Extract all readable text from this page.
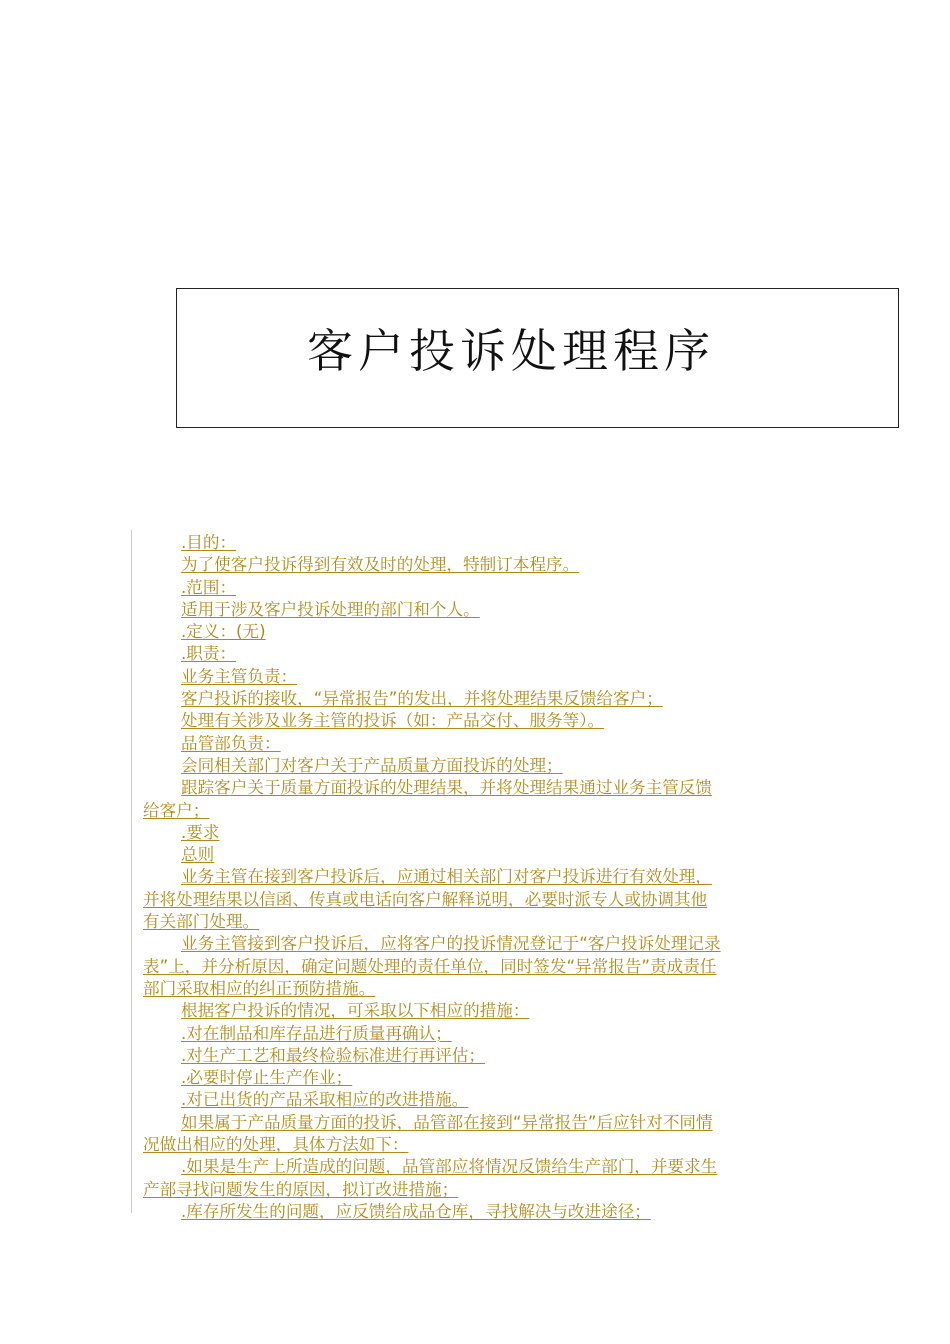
客户投诉处理程序

.目的：

为了使客户投诉得到有效及时的处理，特制订本程序。

.范围：

适用于涉及客户投诉处理的部门和个人。

.定义：(无)

.职责：

业务主管负责：

客户投诉的接收，“异常报告”的发出，并将处理结果反馈给客户；

处理有关涉及业务主管的投诉（如：产品交付、服务等）。

品管部负责：

会同相关部门对客户关于产品质量方面投诉的处理；

跟踪客户关于质量方面投诉的处理结果，并将处理结果通过业务主管反馈

给客户；

.要求

总则

业务主管在接到客户投诉后，应通过相关部门对客户投诉进行有效处理，

并将处理结果以信函、传真或电话向客户解释说明，必要时派专人或协调其他

有关部门处理。

业务主管接到客户投诉后，应将客户的投诉情况登记于“客户投诉处理记录

表”上，并分析原因，确定问题处理的责任单位，同时签发“异常报告”责成责任

部门采取相应的纠正预防措施。

根据客户投诉的情况，可采取以下相应的措施：

.对在制品和库存品进行质量再确认；

.对生产工艺和最终检验标准进行再评估；

.必要时停止生产作业；

.对已出货的产品采取相应的改进措施。

如果属于产品质量方面的投诉，品管部在接到“异常报告”后应针对不同情

况做出相应的处理，具体方法如下：

.如果是生产上所造成的问题，品管部应将情况反馈给生产部门，并要求生

产部寻找问题发生的原因，拟订改进措施；

.库存所发生的问题，应反馈给成品仓库，寻找解决与改进途径；
